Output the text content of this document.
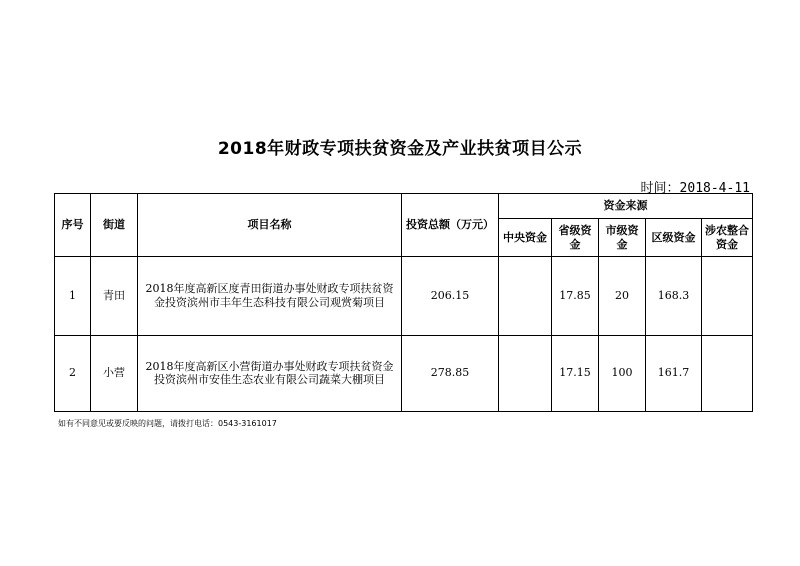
2018年财政专项扶贫资金及产业扶贫项目公示
时间：2018-4-11
序号	街道	项目名称	投资总额（万元）	资金来源				
				中央资金	省级资金	市级资金	区级资金	涉农整合资金
1	青田	2018年度高新区度青田街道办事处财政专项扶贫资金投资滨州市丰年生态科技有限公司观赏菊项目	206.15		17.85	20	168.3	
2	小营	2018年度高新区小营街道办事处财政专项扶贫资金投资滨州市安佳生态农业有限公司蔬菜大棚项目	278.85		17.15	100	161.7	
如有不同意见或要反映的问题，请拨打电话：0543-3161017
